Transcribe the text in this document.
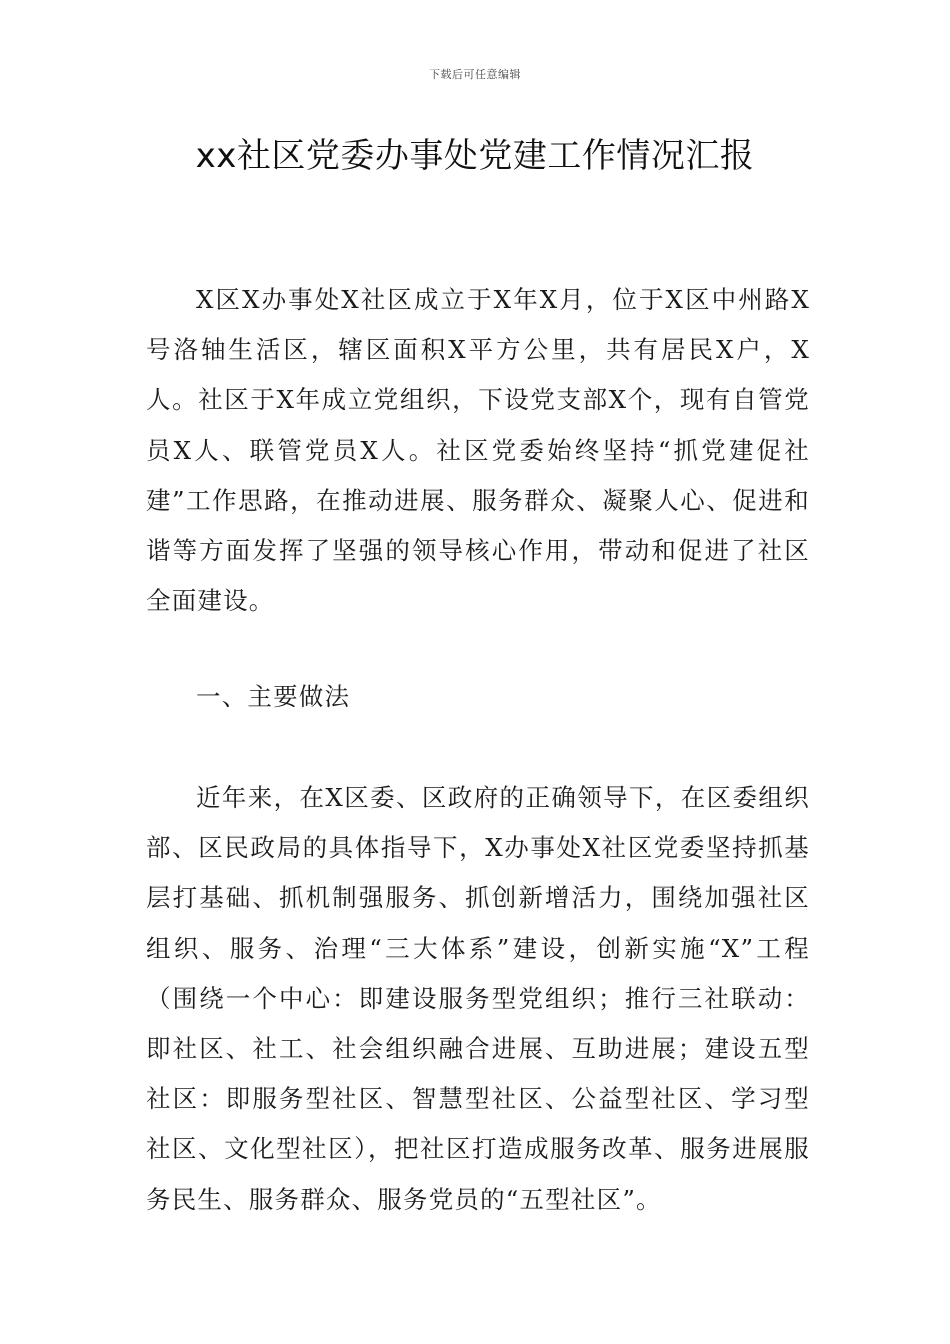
下载后可任意编辑
xx社区党委办事处党建工作情况汇报

X区X办事处X社区成立于X年X月，位于X区中州路X号洛轴生活区，辖区面积X平方公里，共有居民X户，X人。社区于X年成立党组织，下设党支部X个，现有自管党员X人、联管党员X人。社区党委始终坚持“抓党建促社建”工作思路，在推动进展、服务群众、凝聚人心、促进和谐等方面发挥了坚强的领导核心作用，带动和促进了社区全面建设。

一、主要做法

近年来，在X区委、区政府的正确领导下，在区委组织部、区民政局的具体指导下，X办事处X社区党委坚持抓基层打基础、抓机制强服务、抓创新增活力，围绕加强社区组织、服务、治理“三大体系”建设，创新实施“X”工程（围绕一个中心：即建设服务型党组织；推行三社联动：即社区、社工、社会组织融合进展、互助进展；建设五型社区：即服务型社区、智慧型社区、公益型社区、学习型社区、文化型社区），把社区打造成服务改革、服务进展服务民生、服务群众、服务党员的“五型社区”。
